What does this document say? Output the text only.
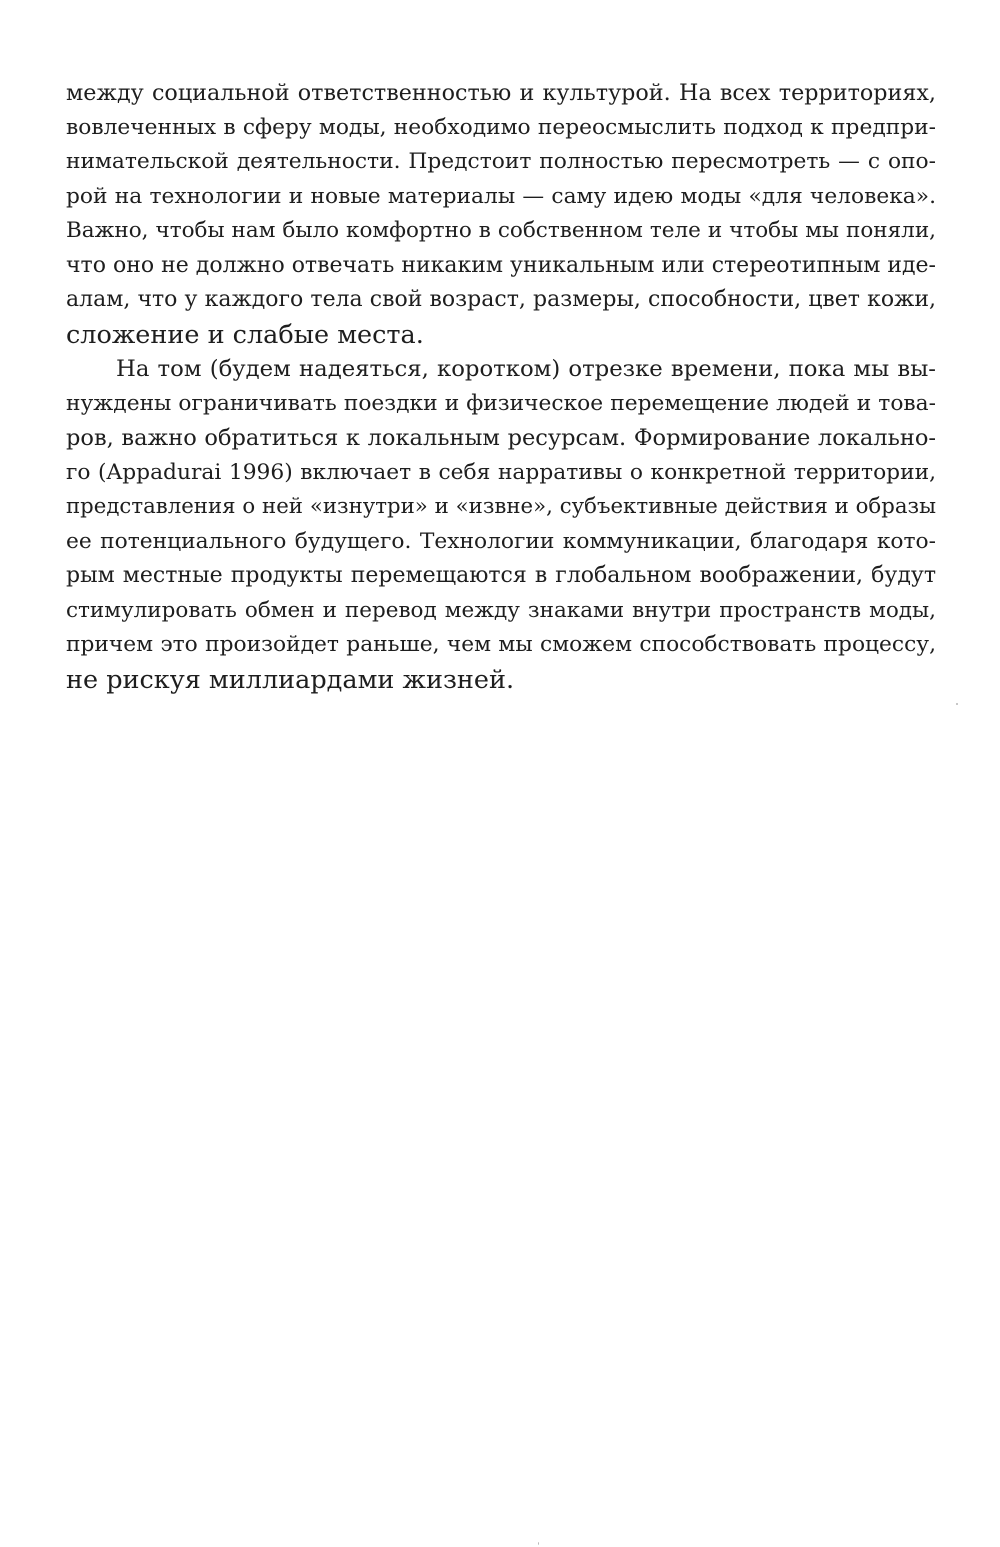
между социальной ответственностью и культурой. На всех территориях,
вовлеченных в сферу моды, необходимо переосмыслить подход к предпри-
нимательской деятельности. Предстоит полностью пересмотреть — с опо-
рой на технологии и новые материалы — саму идею моды «для человека».
Важно, чтобы нам было комфортно в собственном теле и чтобы мы поняли,
что оно не должно отвечать никаким уникальным или стереотипным иде-
алам, что у каждого тела свой возраст, размеры, способности, цвет кожи,
сложение и слабые места.

На том (будем надеяться, коротком) отрезке времени, пока мы вы-
нуждены ограничивать поездки и физическое перемещение людей и това-
ров, важно обратиться к локальным ресурсам. Формирование локально-
го (Appadurai 1996) включает в себя нарративы о конкретной территории,
представления о ней «изнутри» и «извне», субъективные действия и образы
ее потенциального будущего. Технологии коммуникации, благодаря кото-
рым местные продукты перемещаются в глобальном воображении, будут
стимулировать обмен и перевод между знаками внутри пространств моды,
причем это произойдет раньше, чем мы сможем способствовать процессу,
не рискуя миллиардами жизней.
